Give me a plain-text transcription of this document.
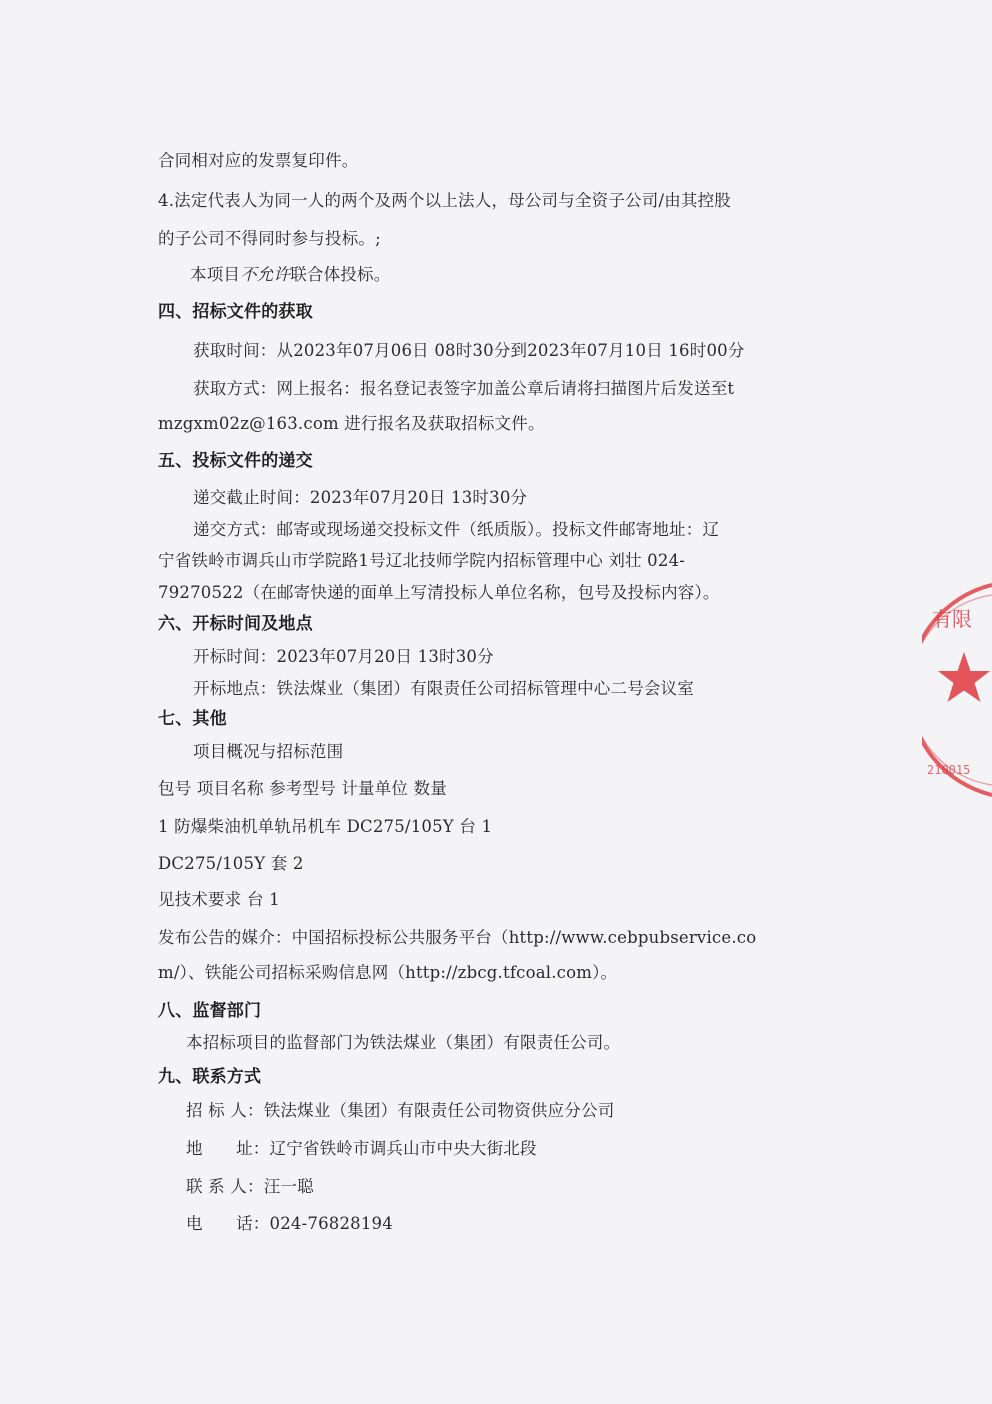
合同相对应的发票复印件。
4.法定代表人为同一人的两个及两个以上法人，母公司与全资子公司/由其控股
的子公司不得同时参与投标。;
本项目不允许联合体投标。
四、招标文件的获取
获取时间：从2023年07月06日 08时30分到2023年07月10日 16时00分
获取方式：网上报名：报名登记表签字加盖公章后请将扫描图片后发送至t
mzgxm02z@163.com 进行报名及获取招标文件。
五、投标文件的递交
递交截止时间：2023年07月20日 13时30分
递交方式：邮寄或现场递交投标文件（纸质版）。投标文件邮寄地址：辽
宁省铁岭市调兵山市学院路1号辽北技师学院内招标管理中心 刘壮 024-
79270522（在邮寄快递的面单上写清投标人单位名称，包号及投标内容）。
六、开标时间及地点
开标时间：2023年07月20日 13时30分
开标地点：铁法煤业（集团）有限责任公司招标管理中心二号会议室
七、其他
项目概况与招标范围
包号 项目名称 参考型号 计量单位 数量
1 防爆柴油机单轨吊机车 DC275/105Y 台 1
DC275/105Y 套 2
见技术要求 台 1
发布公告的媒介：中国招标投标公共服务平台（http://www.cebpubservice.co
m/）、铁能公司招标采购信息网（http://zbcg.tfcoal.com）。
八、监督部门
本招标项目的监督部门为铁法煤业（集团）有限责任公司。
九、联系方式
招 标 人：铁法煤业（集团）有限责任公司物资供应分公司
地　　址：辽宁省铁岭市调兵山市中央大街北段
联 系 人：汪一聪
电　　话：024-76828194
有限
210015
